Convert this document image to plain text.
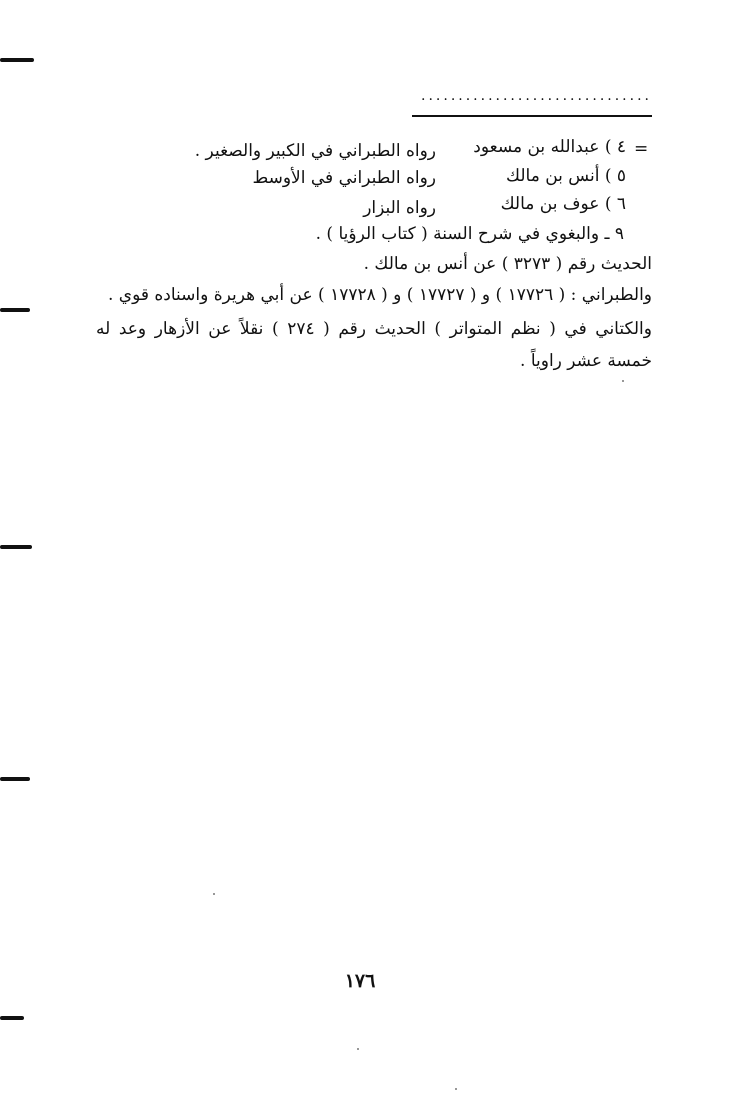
...............................
=
٤ ) عبدالله بن مسعود
رواه الطبراني في الكبير والصغير .
٥ ) أنس بن مالك
رواه الطبراني في الأوسط
٦ ) عوف بن مالك
رواه البزار
٩ ـ والبغوي في شرح السنة ( كتاب الرؤيا ) .
الحديث رقم ( ٣٢٧٣ ) عن أنس بن مالك .
والطبراني : ( ١٧٧٢٦ ) و ( ١٧٧٢٧ ) و ( ١٧٧٢٨ ) عن أبي هريرة واسناده قوي .
والكتاني في ( نظم المتواتر ) الحديث رقم ( ٢٧٤ ) نقلاً عن الأزهار وعد له خمسة عشر راوياً .
١٧٦
